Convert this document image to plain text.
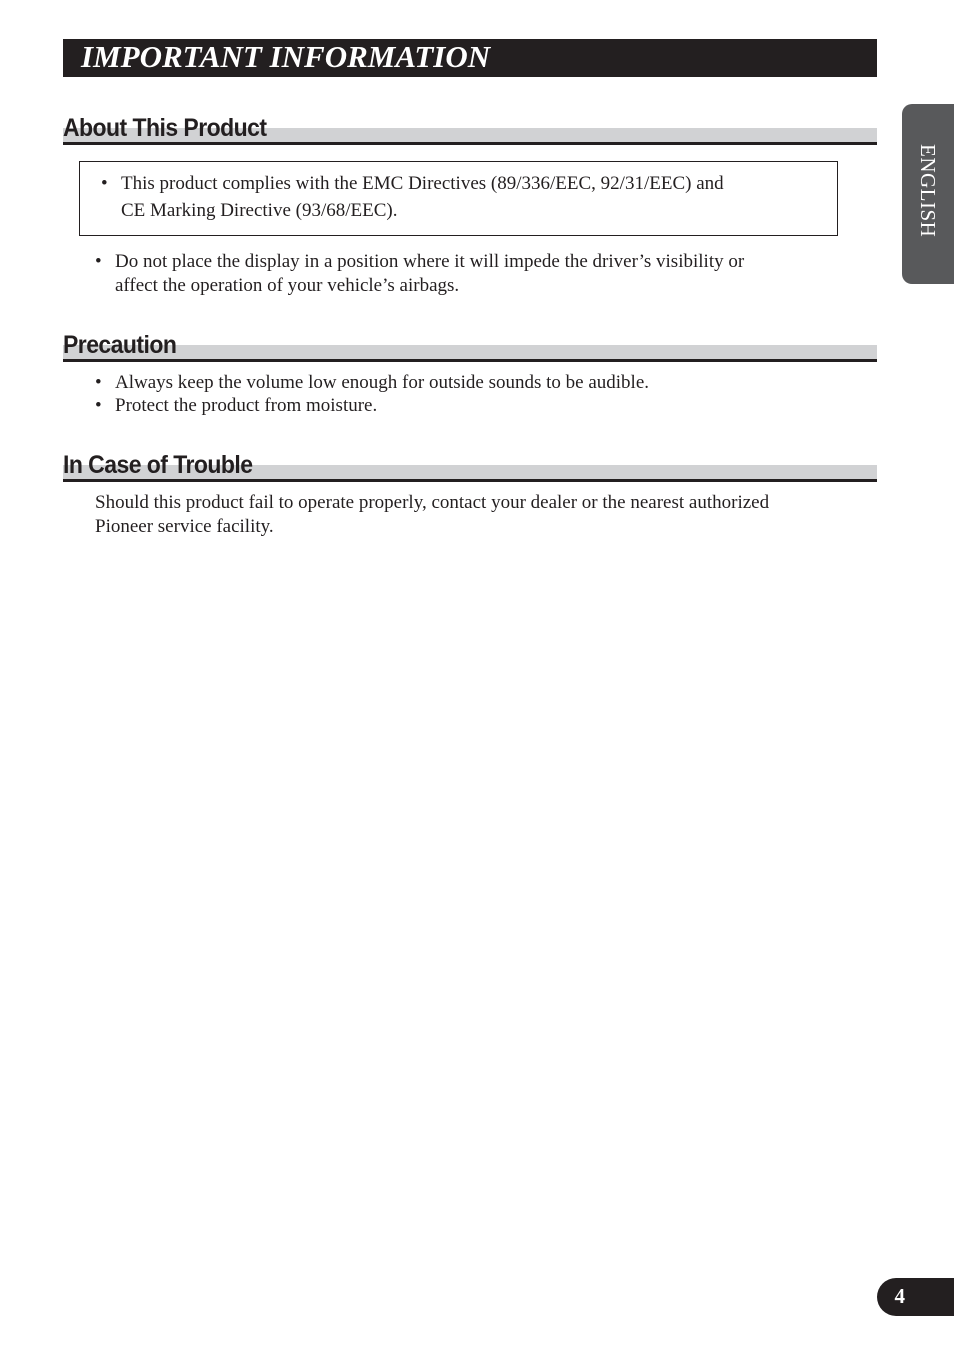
IMPORTANT INFORMATION
ENGLISH
About This Product
• This product complies with the EMC Directives (89/336/EEC, 92/31/EEC) and
CE Marking Directive (93/68/EEC).
• Do not place the display in a position where it will impede the driver’s visibility or
affect the operation of your vehicle’s airbags.
Precaution
• Always keep the volume low enough for outside sounds to be audible.
• Protect the product from moisture.
In Case of Trouble
Should this product fail to operate properly, contact your dealer or the nearest authorized
Pioneer service facility.
4
